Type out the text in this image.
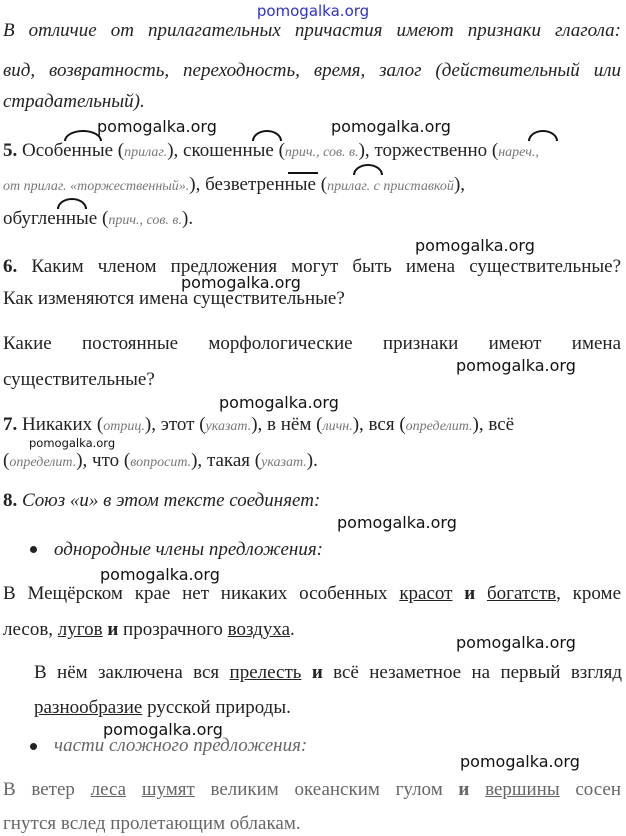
pomogalka.org
В отличие от прилагательных причастия имеют признаки глагола:
вид, возвратность, переходность, время, залог (действительный или
страдательный).
pomogalka.org	pomogalka.org
5. Особенные (прилаг.), скошенные (прич., сов. в.), торжественно (нареч.,
от прилаг. «торжественный».), безветренные (прилаг. с приставкой),
обугленные (прич., сов. в.).
pomogalka.org
6. Каким членом предложения могут быть имена существительные?
pomogalka.org
Как изменяются имена существительные?
Какие постоянные морфологические признаки имеют имена
pomogalka.org
существительные?
pomogalka.org
7. Никаких (отриц.), этот (указат.), в нём (личн.), вся (определит.), всё
pomogalka.org
(определит.), что (вопросит.), такая (указат.).
8. Союз «и» в этом тексте соединяет:
pomogalka.org
однородные члены предложения:
pomogalka.org
В Мещёрском крае нет никаких особенных красот и богатств, кроме
лесов, лугов и прозрачного воздуха.
pomogalka.org
В нём заключена вся прелесть и всё незаметное на первый взгляд
разнообразие русской природы.
pomogalka.org
части сложного предложения:
pomogalka.org
В ветер леса шумят великим океанским гулом и вершины сосен
гнутся вслед пролетающим облакам.
